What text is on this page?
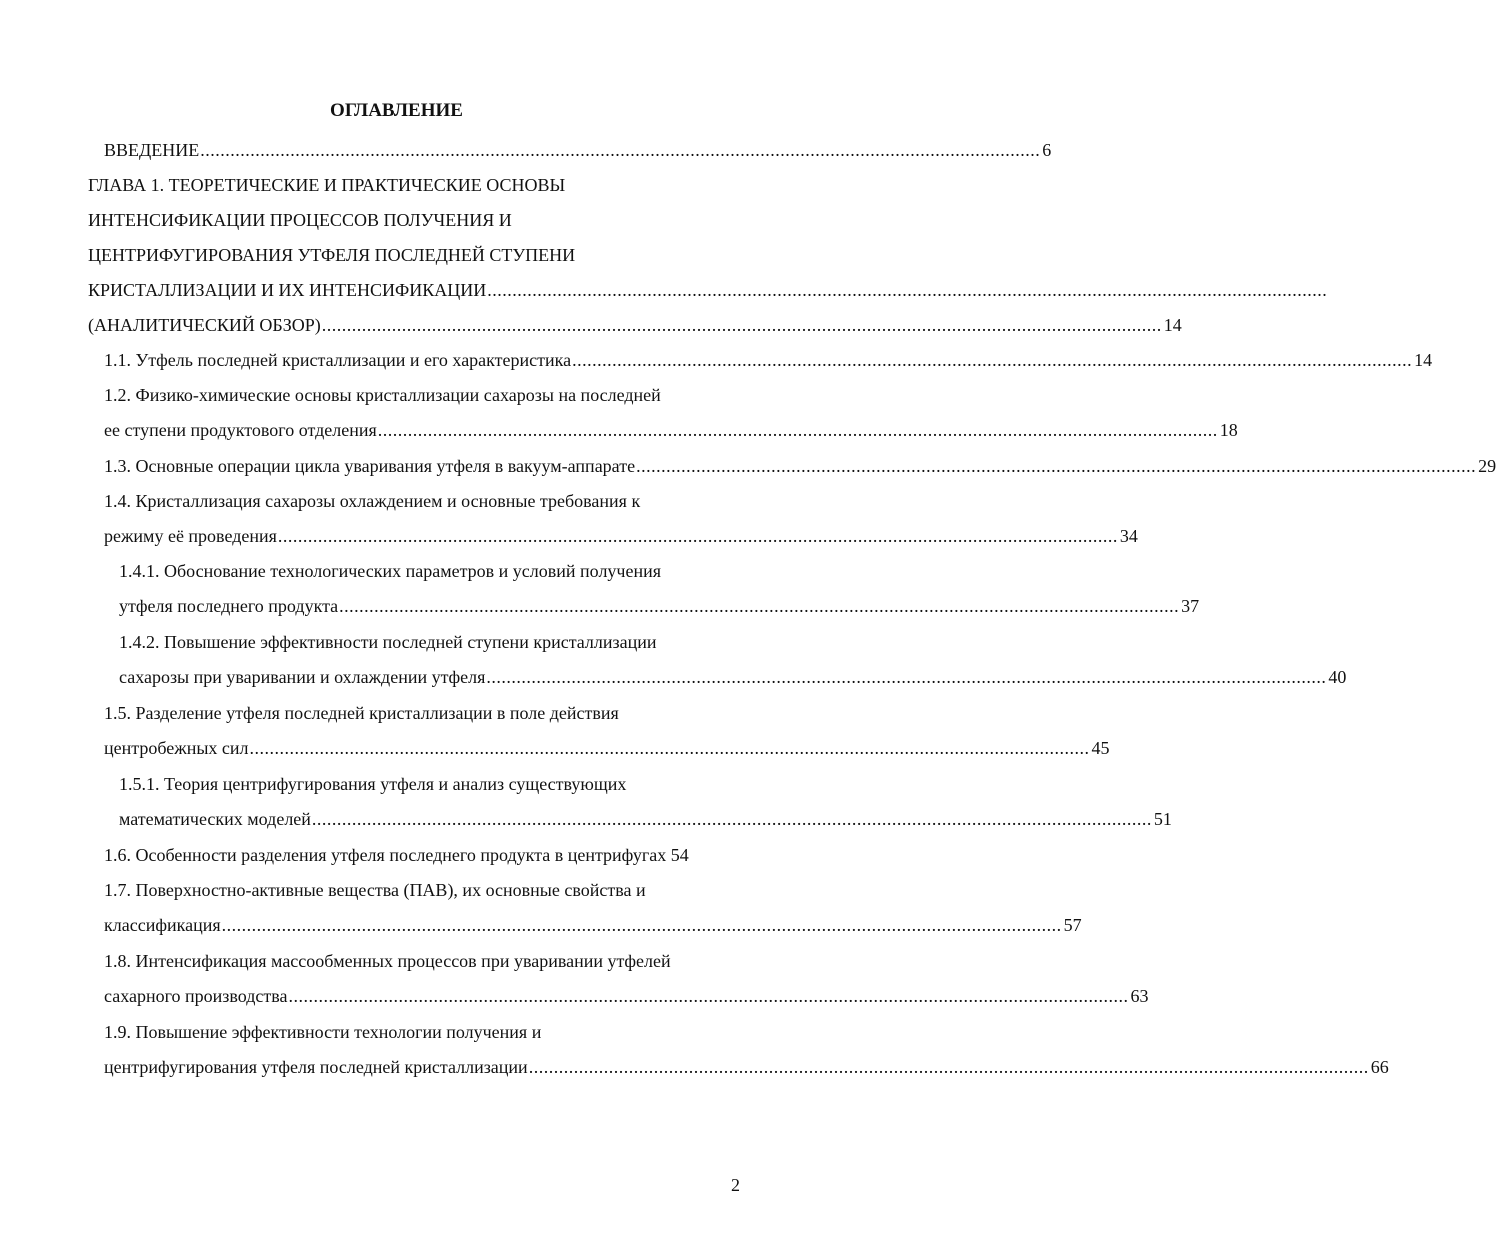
ОГЛАВЛЕНИЕ
ВВЕДЕНИЕ ........................................................................................................................................................................ 6
ГЛАВА 1. ТЕОРЕТИЧЕСКИЕ И ПРАКТИЧЕСКИЕ ОСНОВЫ
ИНТЕНСИФИКАЦИИ ПРОЦЕССОВ ПОЛУЧЕНИЯ И
ЦЕНТРИФУГИРОВАНИЯ УТФЕЛЯ ПОСЛЕДНЕЙ СТУПЕНИ
КРИСТАЛЛИЗАЦИИ И ИХ ИНТЕНСИФИКАЦИИ ........................................................................................................................................................................
(АНАЛИТИЧЕСКИЙ ОБЗОР) ........................................................................................................................................................................ 14
1.1. Утфель последней кристаллизации и его характеристика ........................................................................................................................................................................ 14
1.2. Физико-химические основы кристаллизации сахарозы на последней
ее ступени продуктового отделения ........................................................................................................................................................................ 18
1.3. Основные операции цикла уваривания утфеля в вакуум-аппарате ........................................................................................................................................................................ 29
1.4. Кристаллизация сахарозы охлаждением и основные требования к
режиму её проведения ........................................................................................................................................................................ 34
1.4.1. Обоснование технологических параметров и условий получения
утфеля последнего продукта ........................................................................................................................................................................ 37
1.4.2. Повышение эффективности последней ступени кристаллизации
сахарозы при уваривании и охлаждении утфеля ........................................................................................................................................................................ 40
1.5. Разделение утфеля последней кристаллизации в поле действия
центробежных сил ........................................................................................................................................................................ 45
1.5.1. Теория центрифугирования утфеля и анализ существующих
математических моделей ........................................................................................................................................................................ 51
1.6. Особенности разделения утфеля последнего продукта в центрифугах 54
1.7. Поверхностно-активные вещества (ПАВ), их основные свойства и
классификация ........................................................................................................................................................................ 57
1.8. Интенсификация массообменных процессов при уваривании утфелей
сахарного производства ........................................................................................................................................................................ 63
1.9. Повышение эффективности технологии получения и
центрифугирования утфеля последней кристаллизации ........................................................................................................................................................................ 66
2
